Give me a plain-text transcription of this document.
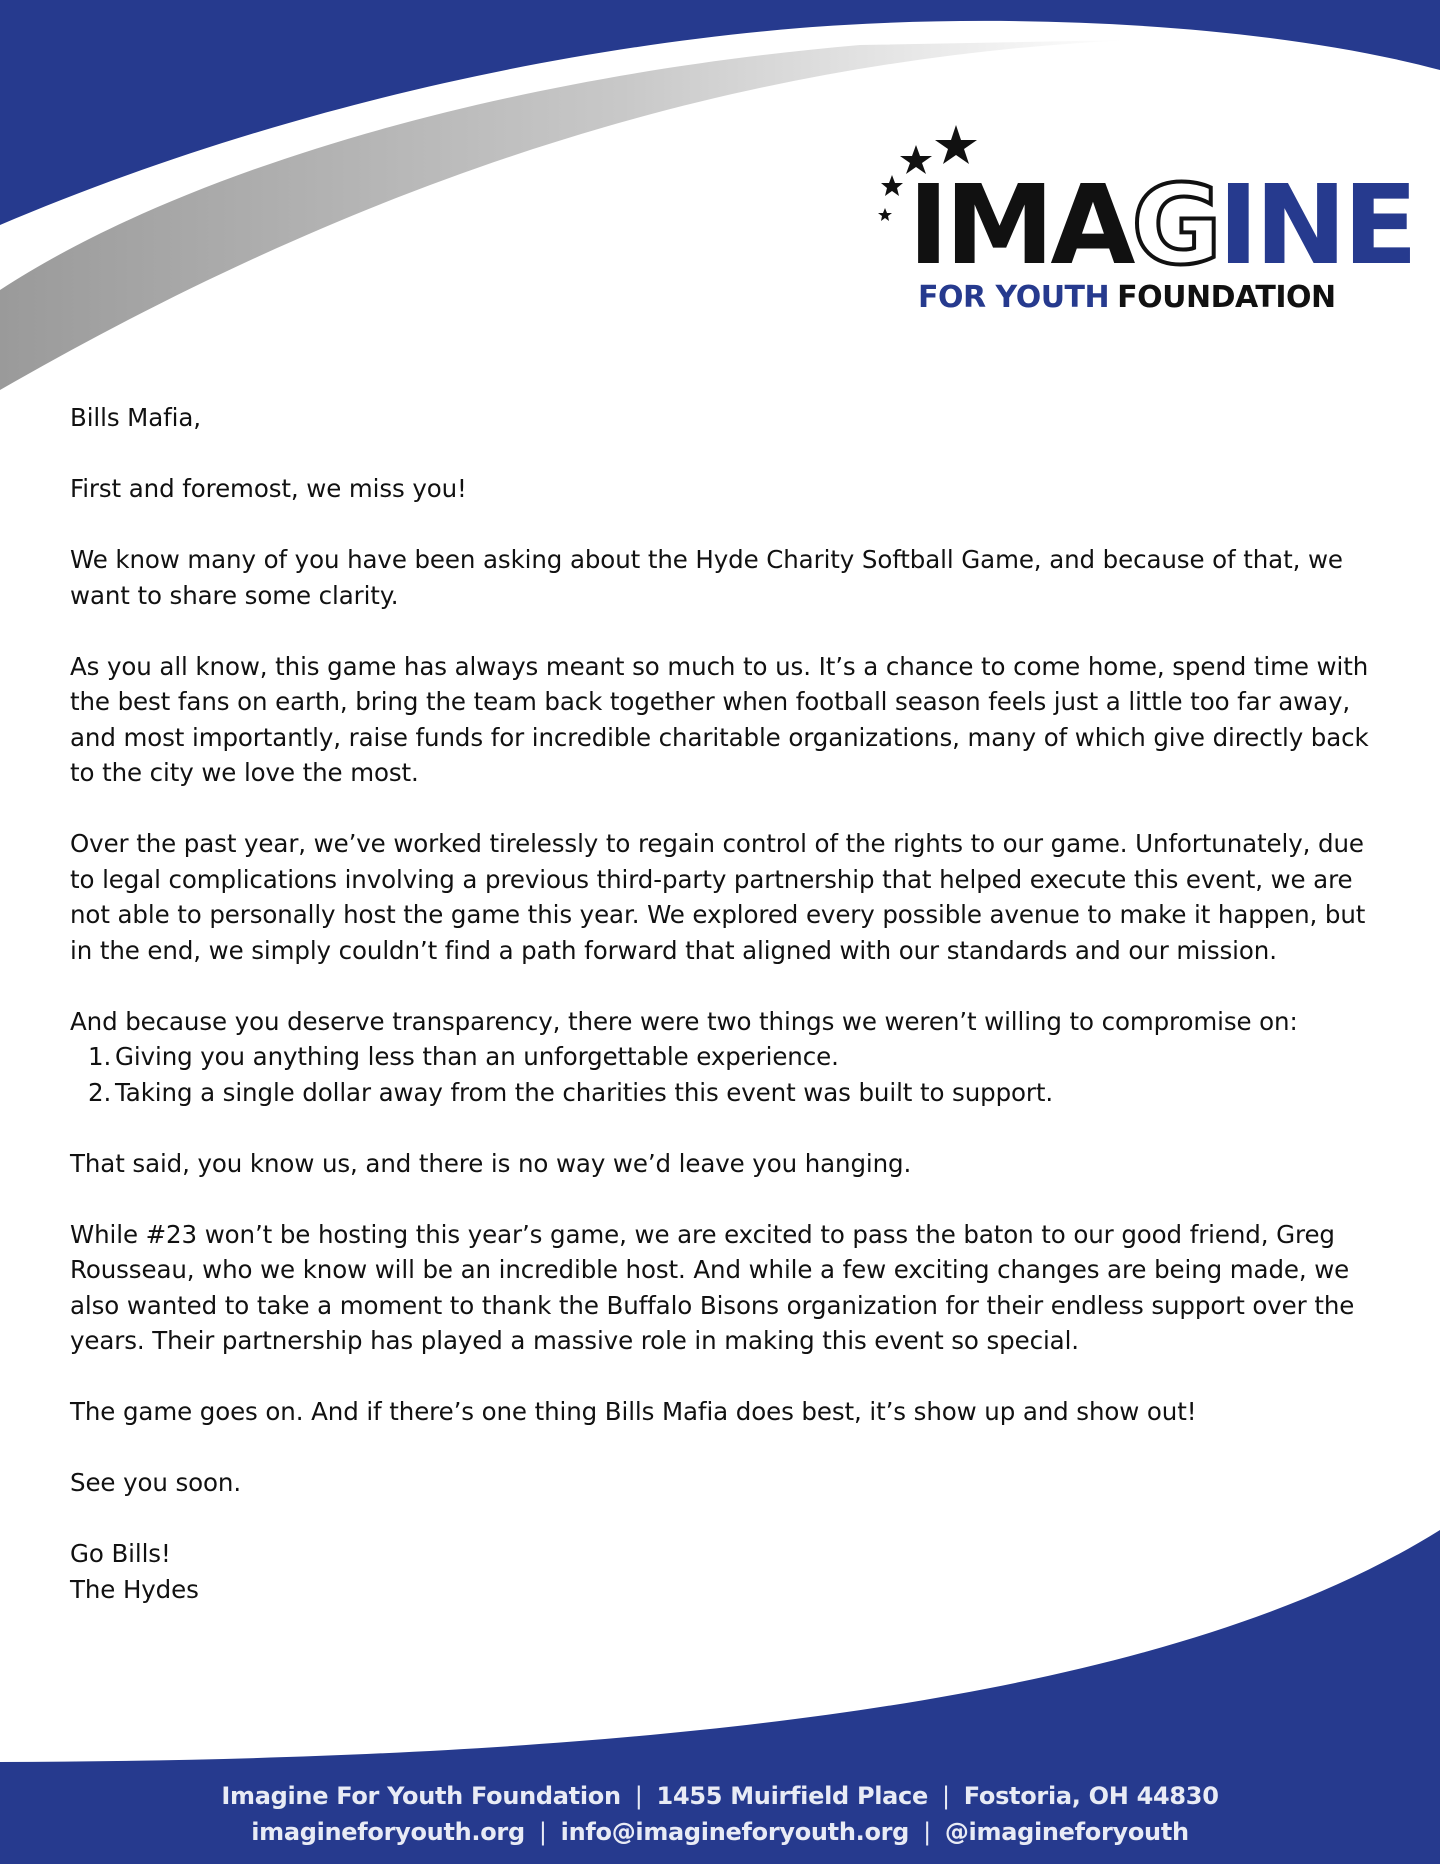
IMAGINE
FOR YOUTH FOUNDATION

Bills Mafia,

First and foremost, we miss you!

We know many of you have been asking about the Hyde Charity Softball Game, and because of that, we want to share some clarity.

As you all know, this game has always meant so much to us. It’s a chance to come home, spend time with the best fans on earth, bring the team back together when football season feels just a little too far away, and most importantly, raise funds for incredible charitable organizations, many of which give directly back to the city we love the most.

Over the past year, we’ve worked tirelessly to regain control of the rights to our game. Unfortunately, due to legal complications involving a previous third-party partnership that helped execute this event, we are not able to personally host the game this year. We explored every possible avenue to make it happen, but in the end, we simply couldn’t find a path forward that aligned with our standards and our mission.

And because you deserve transparency, there were two things we weren’t willing to compromise on:

1. Giving you anything less than an unforgettable experience.
2. Taking a single dollar away from the charities this event was built to support.

That said, you know us, and there is no way we’d leave you hanging.

While #23 won’t be hosting this year’s game, we are excited to pass the baton to our good friend, Greg Rousseau, who we know will be an incredible host. And while a few exciting changes are being made, we also wanted to take a moment to thank the Buffalo Bisons organization for their endless support over the years. Their partnership has played a massive role in making this event so special.

The game goes on. And if there’s one thing Bills Mafia does best, it’s show up and show out!

See you soon.

Go Bills!

The Hydes

Imagine For Youth Foundation | 1455 Muirfield Place | Fostoria, OH 44830
imagineforyouth.org | info@imagineforyouth.org | @imagineforyouth
